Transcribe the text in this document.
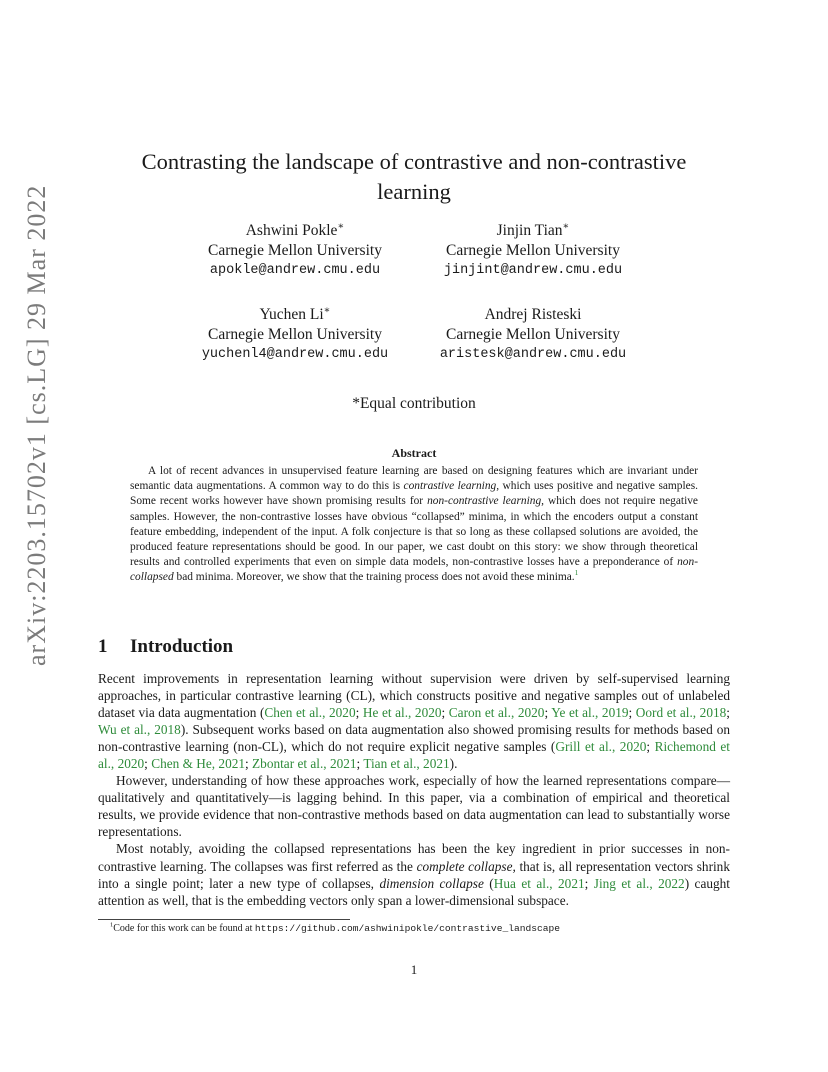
arXiv:2203.15702v1 [cs.LG] 29 Mar 2022
Contrasting the landscape of contrastive and non-contrastive
learning
Ashwini Pokle∗
Carnegie Mellon University
apokle@andrew.cmu.edu
Jinjin Tian∗
Carnegie Mellon University
jinjint@andrew.cmu.edu
Yuchen Li∗
Carnegie Mellon University
yuchenl4@andrew.cmu.edu
Andrej Risteski
Carnegie Mellon University
aristesk@andrew.cmu.edu
*Equal contribution
Abstract
A lot of recent advances in unsupervised feature learning are based on designing features which are invariant under semantic data augmentations. A common way to do this is contrastive learning, which uses positive and negative samples. Some recent works however have shown promising results for non-contrastive learning, which does not require negative samples. However, the non-contrastive losses have obvious “collapsed” minima, in which the encoders output a constant feature embedding, independent of the input. A folk conjecture is that so long as these collapsed solutions are avoided, the produced feature representations should be good. In our paper, we cast doubt on this story: we show through theoretical results and controlled experiments that even on simple data models, non-contrastive losses have a preponderance of non-collapsed bad minima. Moreover, we show that the training process does not avoid these minima.$^1$
1 Introduction

Recent improvements in representation learning without supervision were driven by self-supervised learning approaches, in particular contrastive learning (CL), which constructs positive and negative samples out of unlabeled dataset via data augmentation (Chen et al., 2020; He et al., 2020; Caron et al., 2020; Ye et al., 2019; Oord et al., 2018; Wu et al., 2018). Subsequent works based on data augmentation also showed promising results for methods based on non-contrastive learning (non-CL), which do not require explicit negative samples (Grill et al., 2020; Richemond et al., 2020; Chen & He, 2021; Zbontar et al., 2021; Tian et al., 2021).

However, understanding of how these approaches work, especially of how the learned representations compare—qualitatively and quantitatively—is lagging behind. In this paper, via a combination of empirical and theoretical results, we provide evidence that non-contrastive methods based on data augmentation can lead to substantially worse representations.

Most notably, avoiding the collapsed representations has been the key ingredient in prior successes in non-contrastive learning. The collapses was first referred as the complete collapse, that is, all representation vectors shrink into a single point; later a new type of collapses, dimension collapse (Hua et al., 2021; Jing et al., 2022) caught attention as well, that is the embedding vectors only span a lower-dimensional subspace.

$^1$Code for this work can be found at https://github.com/ashwinipokle/contrastive_landscape
1
